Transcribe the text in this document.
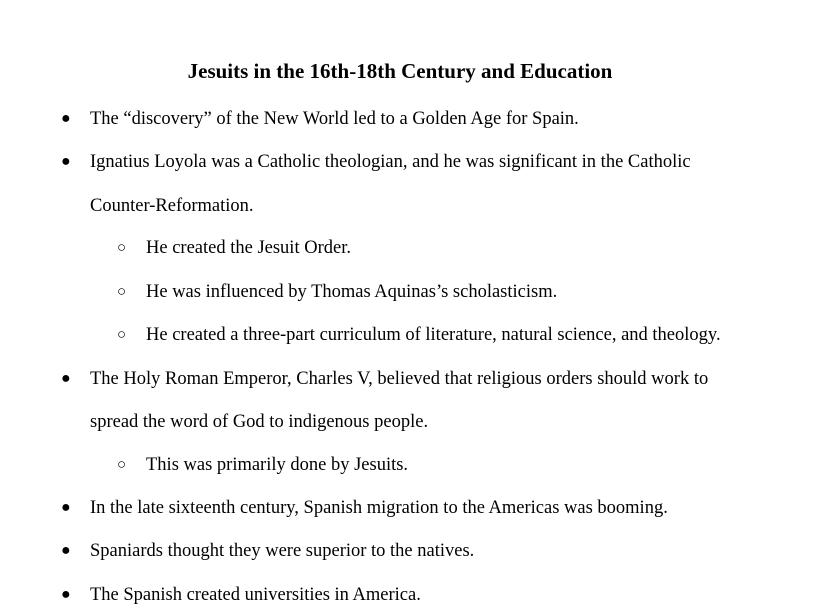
Jesuits in the 16th-18th Century and Education
● The “discovery” of the New World led to a Golden Age for Spain.
● Ignatius Loyola was a Catholic theologian, and he was significant in the Catholic
Counter-Reformation.
○ He created the Jesuit Order.
○ He was influenced by Thomas Aquinas’s scholasticism.
○ He created a three-part curriculum of literature, natural science, and theology.
● The Holy Roman Emperor, Charles V, believed that religious orders should work to
spread the word of God to indigenous people.
○ This was primarily done by Jesuits.
● In the late sixteenth century, Spanish migration to the Americas was booming.
● Spaniards thought they were superior to the natives.
● The Spanish created universities in America.
